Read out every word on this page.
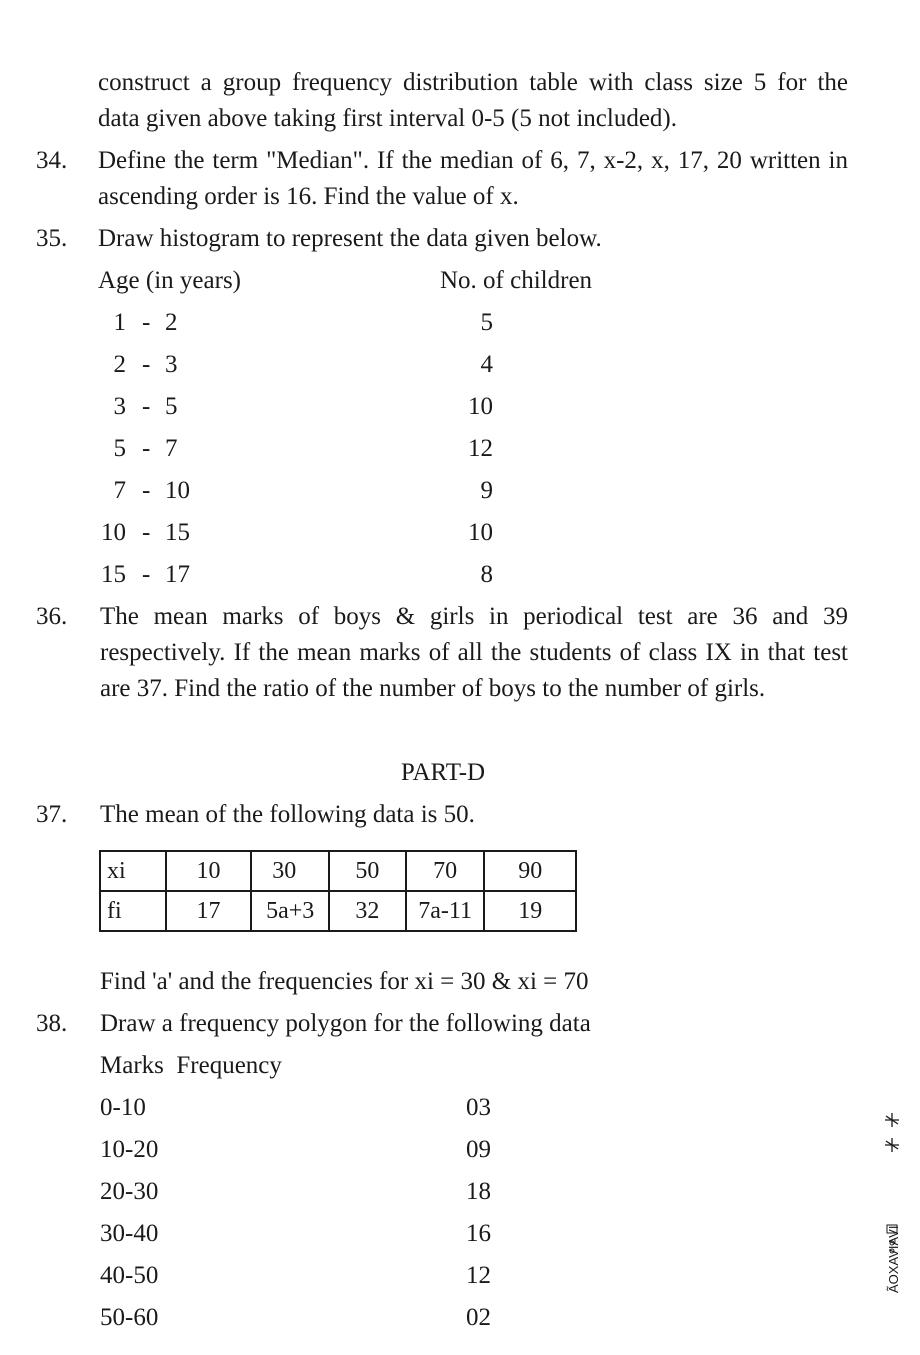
construct a group frequency distribution table with class size 5 for the
data given above taking first interval 0-5 (5 not included).
34. Define the term "Median". If the median of 6, 7, x-2, x, 17, 20 written in
ascending order is 16. Find the value of x.
35. Draw histogram to represent the data given below.
Age (in years)	No. of children
1 - 2	5
2 - 3	4
3 - 5	10
5 - 7	12
7 - 10	9
10 - 15	10
15 - 17	8
36. The mean marks of boys & girls in periodical test are 36 and 39
respectively. If the mean marks of all the students of class IX in that test
are 37. Find the ratio of the number of boys to the number of girls.
PART-D
37. The mean of the following data is 50.
xi	10	30	50	70	90
fi	17	5a+3	32	7a-11	19
Find 'a' and the frequencies for xi = 30 & xi = 70
38. Draw a frequency polygon for the following data
Marks  Frequency
0-10	03
10-20	09
20-30	18
30-40	16
40-50	12
50-60	02
ÃOXAVIAVI
